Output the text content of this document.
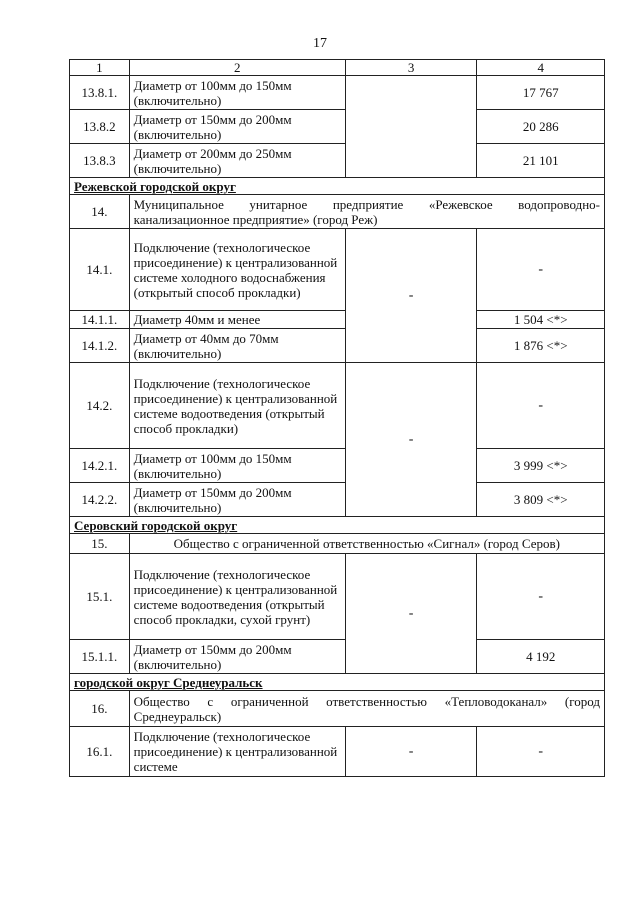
17
1	2	3	4
13.8.1.	Диаметр от 100мм до 150мм (включительно)		17 767
13.8.2	Диаметр от 150мм до 200мм (включительно)		20 286
13.8.3	Диаметр от 200мм до 250мм (включительно)		21 101
Режевской городской округ			
14.	Муниципальное унитарное предприятие «Режевское водопроводно-канализационное предприятие» (город Реж)		
14.1.	Подключение (технологическое присоединение) к централизованной системе холодного водоснабжения (открытый способ прокладки)	-	-
14.1.1.	Диаметр 40мм и менее		1 504 <*>
14.1.2.	Диаметр от 40мм до 70мм (включительно)		1 876 <*>
14.2.	Подключение (технологическое присоединение) к централизованной системе водоотведения (открытый способ прокладки)	-	-
14.2.1.	Диаметр от 100мм до 150мм (включительно)		3 999 <*>
14.2.2.	Диаметр от 150мм до 200мм (включительно)		3 809 <*>
Серовский городской округ			
15.	Общество с ограниченной ответственностью «Сигнал» (город Серов)		
15.1.	Подключение (технологическое присоединение) к централизованной системе водоотведения (открытый способ прокладки, сухой грунт)	-	-
15.1.1.	Диаметр от 150мм до 200мм (включительно)		4 192
городской округ Среднеуральск			
16.	Общество с ограниченной ответственностью «Тепловодоканал» (город Среднеуральск)		
16.1.	Подключение (технологическое присоединение) к централизованной системе	-	-
